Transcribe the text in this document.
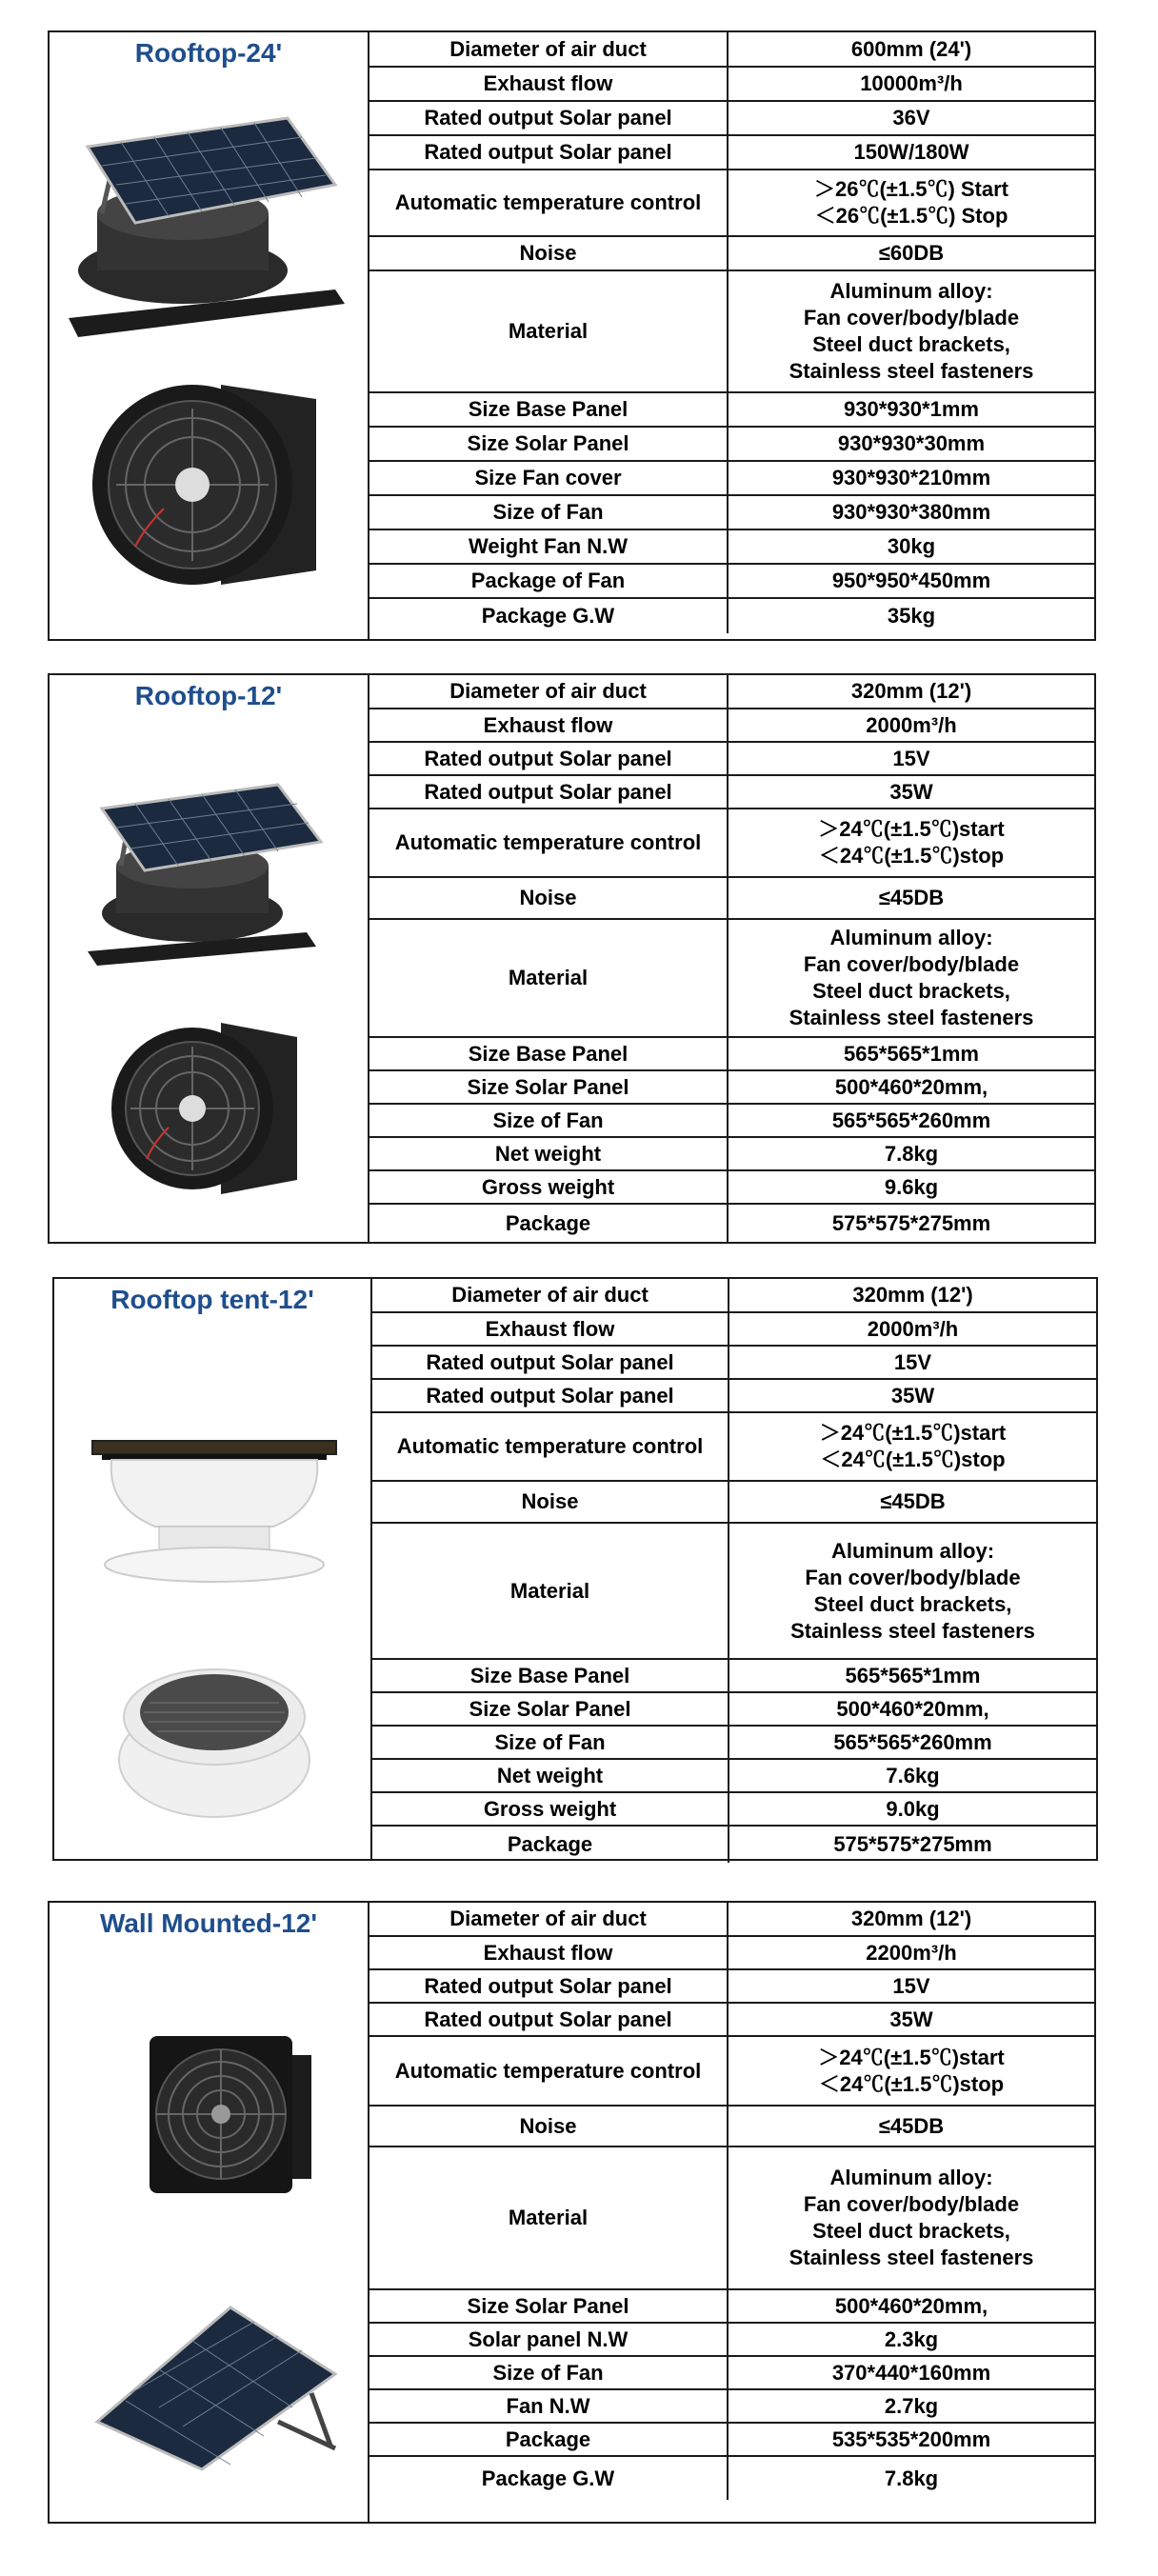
Rooftop-24'	Diameter of air duct	600mm (24')
Exhaust flow	10000m³/h
Rated output Solar panel	36V
Rated output Solar panel	150W/180W
Automatic temperature control	＞26℃(±1.5℃) Start
＜26℃(±1.5℃) Stop

Noise	≤60DB
Material	Aluminum alloy:
Fan cover/body/blade
Steel duct brackets,
Stainless steel fasteners

Size Base Panel	930*930*1mm
Size Solar Panel	930*930*30mm
Size Fan cover	930*930*210mm
Size of Fan	930*930*380mm
Weight Fan N.W	30kg
Package of Fan	950*950*450mm
Package G.W	35kg
Rooftop-12'	Diameter of air duct	320mm (12')
Exhaust flow	2000m³/h
Rated output Solar panel	15V
Rated output Solar panel	35W
Automatic temperature control	＞24℃(±1.5℃)start
＜24℃(±1.5℃)stop

Noise	≤45DB
Material	Aluminum alloy:
Fan cover/body/blade
Steel duct brackets,
Stainless steel fasteners

Size Base Panel	565*565*1mm
Size Solar Panel	500*460*20mm,
Size of Fan	565*565*260mm
Net weight	7.8kg
Gross weight	9.6kg
Package	575*575*275mm
Rooftop tent-12'	Diameter of air duct	320mm (12')
Exhaust flow	2000m³/h
Rated output Solar panel	15V
Rated output Solar panel	35W
Automatic temperature control	＞24℃(±1.5℃)start
＜24℃(±1.5℃)stop

Noise	≤45DB
Material	Aluminum alloy:
Fan cover/body/blade
Steel duct brackets,
Stainless steel fasteners

Size Base Panel	565*565*1mm
Size Solar Panel	500*460*20mm,
Size of Fan	565*565*260mm
Net weight	7.6kg
Gross weight	9.0kg
Package	575*575*275mm
Wall Mounted-12'	Diameter of air duct	320mm (12')
Exhaust flow	2200m³/h
Rated output Solar panel	15V
Rated output Solar panel	35W
Automatic temperature control	＞24℃(±1.5℃)start
＜24℃(±1.5℃)stop

Noise	≤45DB
Material	Aluminum alloy:
Fan cover/body/blade
Steel duct brackets,
Stainless steel fasteners

Size Solar Panel	500*460*20mm,
Solar panel N.W	2.3kg
Size of Fan	370*440*160mm
Fan N.W	2.7kg
Package	535*535*200mm
Package G.W	7.8kg
